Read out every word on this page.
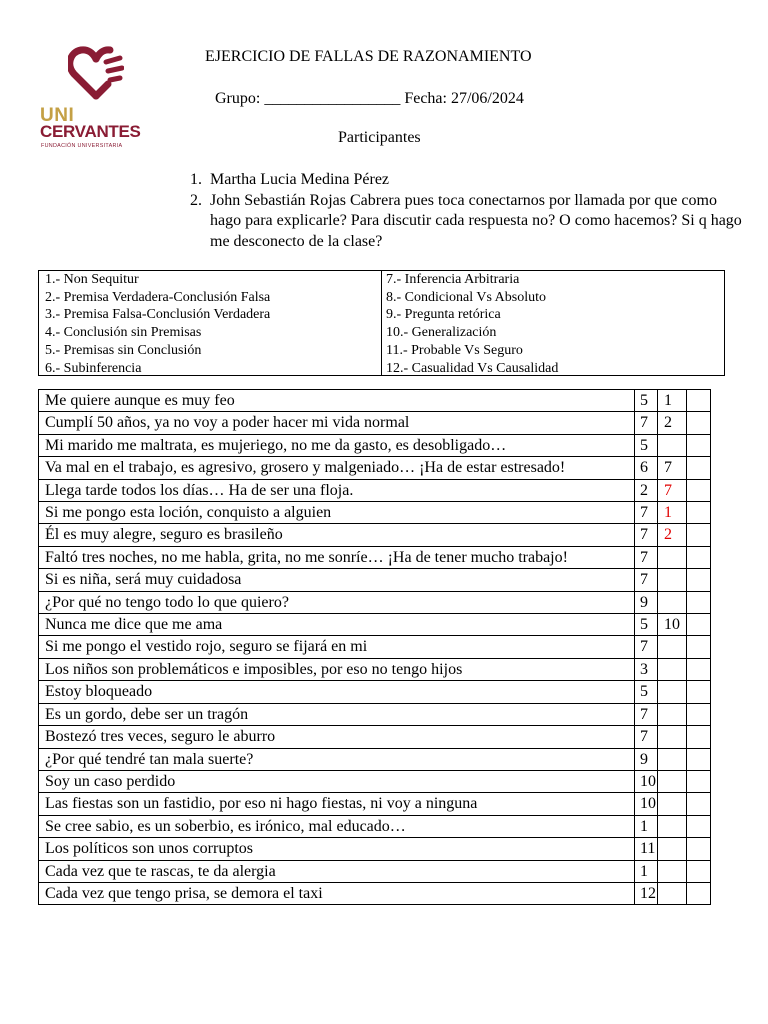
UNI
CERVANTES
FUNDACIÓN UNIVERSITARIA
EJERCICIO DE FALLAS DE RAZONAMIENTO
Grupo: _________________ Fecha: 27/06/2024
Participantes
1. Martha Lucia Medina Pérez
2. John Sebastián Rojas Cabrera pues toca conectarnos por llamada por que como hago para explicarle? Para discutir cada respuesta no? O como hacemos? Si q hago me desconecto de la clase?
1.- Non Sequitur
2.- Premisa Verdadera-Conclusión Falsa
3.- Premisa Falsa-Conclusión Verdadera
4.- Conclusión sin Premisas
5.- Premisas sin Conclusión
6.- Subinferencia
7.- Inferencia Arbitraria
8.- Condicional Vs Absoluto
9.- Pregunta retórica
10.- Generalización
11.- Probable Vs Seguro
12.- Casualidad Vs Causalidad
Me quiere aunque es muy feo	5	1	
Cumplí 50 años, ya no voy a poder hacer mi vida normal	7	2	
Mi marido me maltrata, es mujeriego, no me da gasto, es desobligado…	5		
Va mal en el trabajo, es agresivo, grosero y malgeniado… ¡Ha de estar estresado!	6	7	
Llega tarde todos los días… Ha de ser una floja.	2	7	
Si me pongo esta loción, conquisto a alguien	7	1	
Él es muy alegre, seguro es brasileño	7	2	
Faltó tres noches, no me habla, grita, no me sonríe… ¡Ha de tener mucho trabajo!	7		
Si es niña, será muy cuidadosa	7		
¿Por qué no tengo todo lo que quiero?	9		
Nunca me dice que me ama	5	10	
Si me pongo el vestido rojo, seguro se fijará en mi	7		
Los niños son problemáticos e imposibles, por eso no tengo hijos	3		
Estoy bloqueado	5		
Es un gordo, debe ser un tragón	7		
Bostezó tres veces, seguro le aburro	7		
¿Por qué tendré tan mala suerte?	9		
Soy un caso perdido	10		
Las fiestas son un fastidio, por eso ni hago fiestas, ni voy a ninguna	10		
Se cree sabio, es un soberbio, es irónico, mal educado…	1		
Los políticos son unos corruptos	11		
Cada vez que te rascas, te da alergia	1		
Cada vez que tengo prisa, se demora el taxi	12		
